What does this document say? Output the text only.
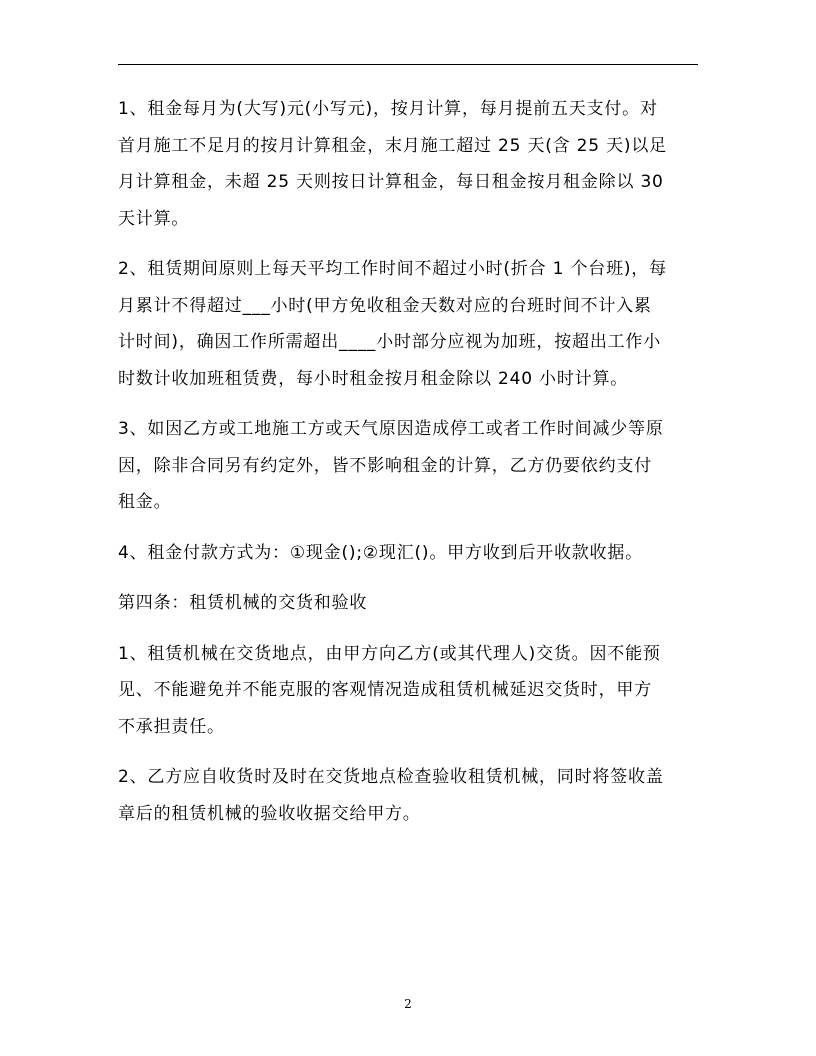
1、租金每月为(大写)元(小写元)，按月计算，每月提前五天支付。对
首月施工不足月的按月计算租金，末月施工超过 25 天(含 25 天)以足
月计算租金，未超 25 天则按日计算租金，每日租金按月租金除以 30
天计算。

2、租赁期间原则上每天平均工作时间不超过小时(折合 1 个台班)，每
月累计不得超过___小时(甲方免收租金天数对应的台班时间不计入累
计时间)，确因工作所需超出____小时部分应视为加班，按超出工作小
时数计收加班租赁费，每小时租金按月租金除以 240 小时计算。

3、如因乙方或工地施工方或天气原因造成停工或者工作时间减少等原
因，除非合同另有约定外，皆不影响租金的计算，乙方仍要依约支付
租金。

4、租金付款方式为：①现金();②现汇()。甲方收到后开收款收据。

第四条：租赁机械的交货和验收

1、租赁机械在交货地点，由甲方向乙方(或其代理人)交货。因不能预
见、不能避免并不能克服的客观情况造成租赁机械延迟交货时，甲方
不承担责任。

2、乙方应自收货时及时在交货地点检查验收租赁机械，同时将签收盖
章后的租赁机械的验收收据交给甲方。

2
